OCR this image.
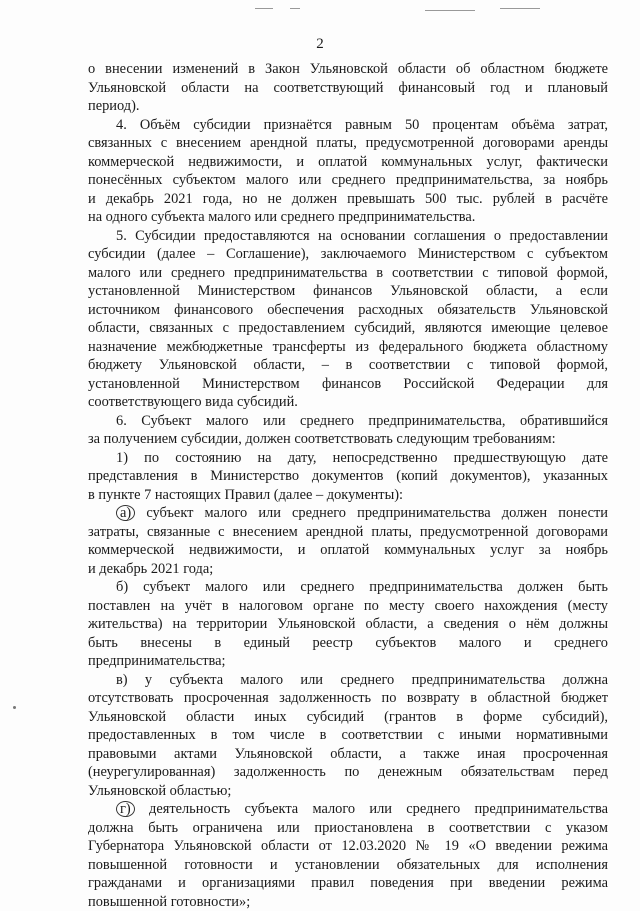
2
о внесении изменений в Закон Ульяновской области об областном бюджете
Ульяновской области на соответствующий финансовый год и плановый
период).
4. Объём субсидии признаётся равным 50 процентам объёма затрат,
связанных с внесением арендной платы, предусмотренной договорами аренды
коммерческой недвижимости, и оплатой коммунальных услуг, фактически
понесённых субъектом малого или среднего предпринимательства, за ноябрь
и декабрь 2021 года, но не должен превышать 500 тыс. рублей в расчёте
на одного субъекта малого или среднего предпринимательства.
5. Субсидии предоставляются на основании соглашения о предоставлении
субсидии (далее – Соглашение), заключаемого Министерством с субъектом
малого или среднего предпринимательства в соответствии с типовой формой,
установленной Министерством финансов Ульяновской области, а если
источником финансового обеспечения расходных обязательств Ульяновской
области, связанных с предоставлением субсидий, являются имеющие целевое
назначение межбюджетные трансферты из федерального бюджета областному
бюджету Ульяновской области, – в соответствии с типовой формой,
установленной Министерством финансов Российской Федерации для
соответствующего вида субсидий.
6. Субъект малого или среднего предпринимательства, обратившийся
за получением субсидии, должен соответствовать следующим требованиям:
1) по состоянию на дату, непосредственно предшествующую дате
представления в Министерство документов (копий документов), указанных
в пункте 7 настоящих Правил (далее – документы):
а) субъект малого или среднего предпринимательства должен понести
затраты, связанные с внесением арендной платы, предусмотренной договорами
коммерческой недвижимости, и оплатой коммунальных услуг за ноябрь
и декабрь 2021 года;
б) субъект малого или среднего предпринимательства должен быть
поставлен на учёт в налоговом органе по месту своего нахождения (месту
жительства) на территории Ульяновской области, а сведения о нём должны
быть внесены в единый реестр субъектов малого и среднего
предпринимательства;
в) у субъекта малого или среднего предпринимательства должна
отсутствовать просроченная задолженность по возврату в областной бюджет
Ульяновской области иных субсидий (грантов в форме субсидий),
предоставленных в том числе в соответствии с иными нормативными
правовыми актами Ульяновской области, а также иная просроченная
(неурегулированная) задолженность по денежным обязательствам перед
Ульяновской областью;
г) деятельность субъекта малого или среднего предпринимательства
должна быть ограничена или приостановлена в соответствии с указом
Губернатора Ульяновской области от 12.03.2020 № 19 «О введении режима
повышенной готовности и установлении обязательных для исполнения
гражданами и организациями правил поведения при введении режима
повышенной готовности»;
